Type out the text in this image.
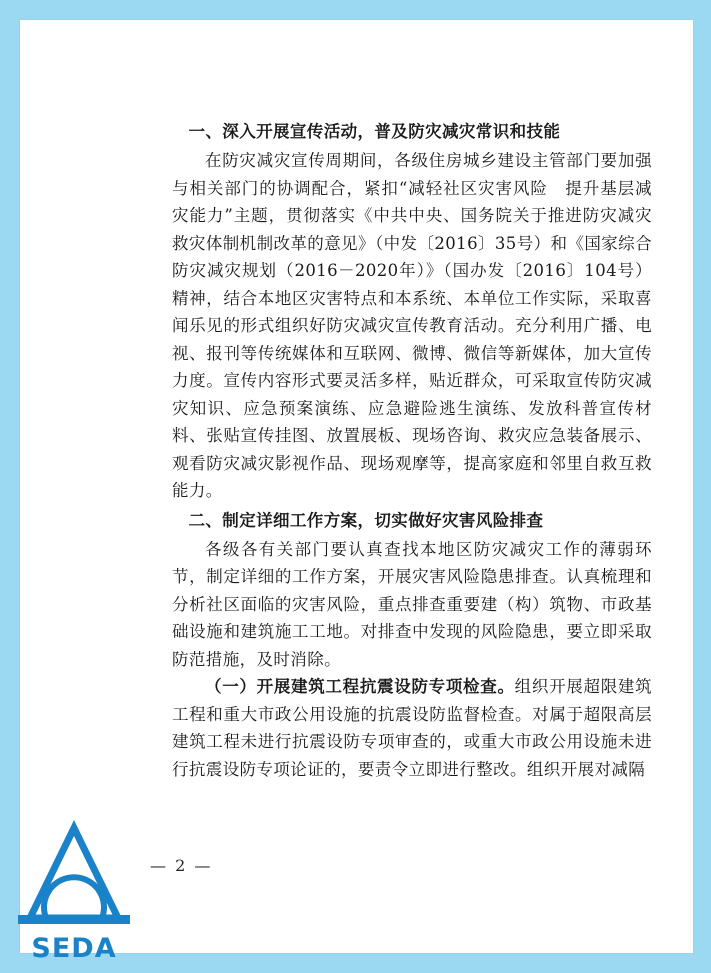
一、深入开展宣传活动，普及防灾减灾常识和技能

在防灾减灾宣传周期间，各级住房城乡建设主管部门要加强与相关部门的协调配合，紧扣“减轻社区灾害风险　提升基层减灾能力”主题，贯彻落实《中共中央、国务院关于推进防灾减灾救灾体制机制改革的意见》（中发〔2016〕35号）和《国家综合防灾减灾规划（2016－2020年）》（国办发〔2016〕104号）精神，结合本地区灾害特点和本系统、本单位工作实际，采取喜闻乐见的形式组织好防灾减灾宣传教育活动。充分利用广播、电视、报刊等传统媒体和互联网、微博、微信等新媒体，加大宣传力度。宣传内容形式要灵活多样，贴近群众，可采取宣传防灾减灾知识、应急预案演练、应急避险逃生演练、发放科普宣传材料、张贴宣传挂图、放置展板、现场咨询、救灾应急装备展示、观看防灾减灾影视作品、现场观摩等，提高家庭和邻里自救互救能力。

二、制定详细工作方案，切实做好灾害风险排查

各级各有关部门要认真查找本地区防灾减灾工作的薄弱环节，制定详细的工作方案，开展灾害风险隐患排查。认真梳理和分析社区面临的灾害风险，重点排查重要建（构）筑物、市政基础设施和建筑施工工地。对排查中发现的风险隐患，要立即采取防范措施，及时消除。

（一）开展建筑工程抗震设防专项检查。组织开展超限建筑工程和重大市政公用设施的抗震设防监督检查。对属于超限高层建筑工程未进行抗震设防专项审查的，或重大市政公用设施未进行抗震设防专项论证的，要责令立即进行整改。组织开展对减隔

— 2 —
SEDA
